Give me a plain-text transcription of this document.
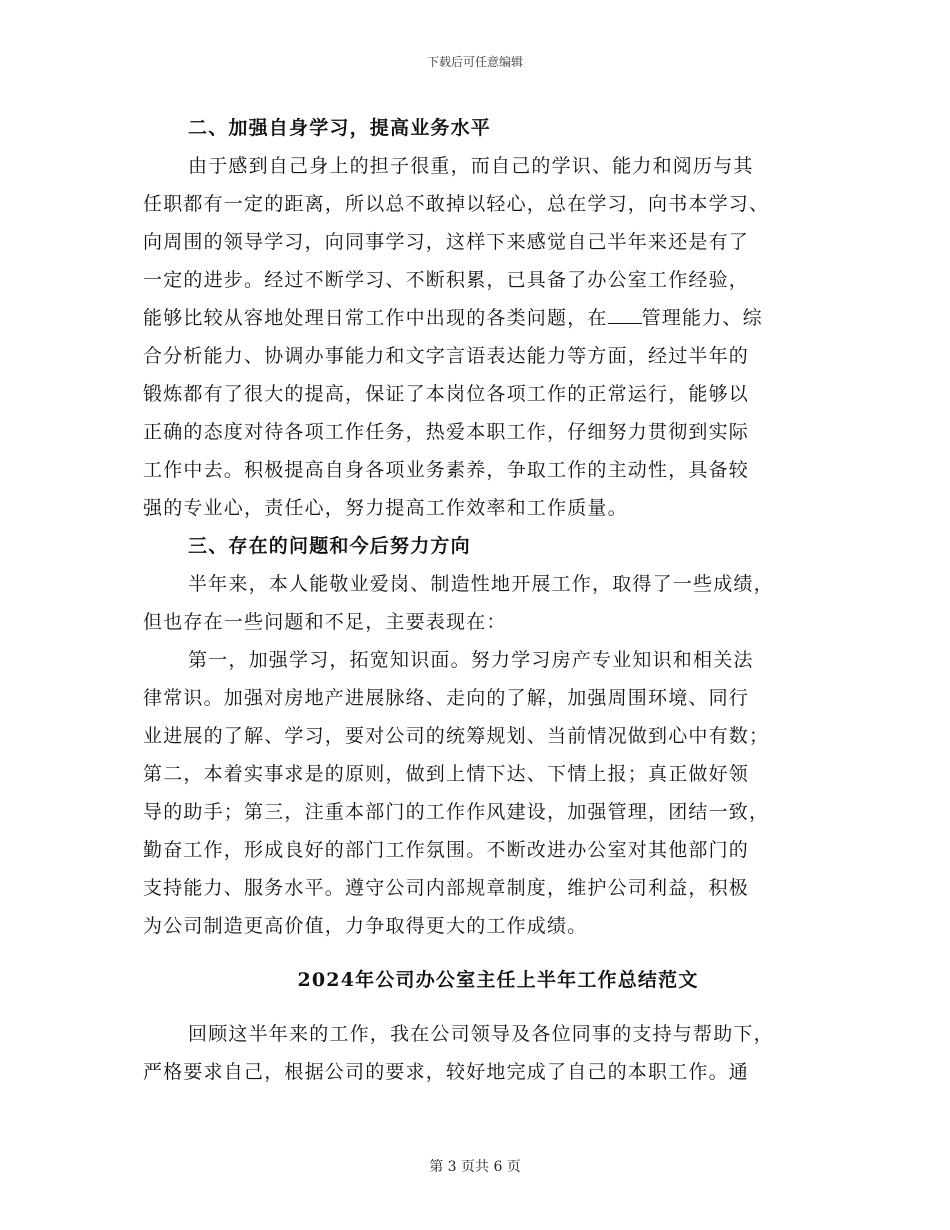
下载后可任意编辑
二、加强自身学习，提高业务水平
由于感到自己身上的担子很重，而自己的学识、能力和阅历与其
任职都有一定的距离，所以总不敢掉以轻心，总在学习，向书本学习、
向周围的领导学习，向同事学习，这样下来感觉自己半年来还是有了
一定的进步。经过不断学习、不断积累，已具备了办公室工作经验，
能够比较从容地处理日常工作中出现的各类问题，在 管理能力、综
合分析能力、协调办事能力和文字言语表达能力等方面，经过半年的
锻炼都有了很大的提高，保证了本岗位各项工作的正常运行，能够以
正确的态度对待各项工作任务，热爱本职工作，仔细努力贯彻到实际
工作中去。积极提高自身各项业务素养，争取工作的主动性，具备较
强的专业心，责任心，努力提高工作效率和工作质量。
三、存在的问题和今后努力方向
半年来，本人能敬业爱岗、制造性地开展工作，取得了一些成绩，
但也存在一些问题和不足，主要表现在：
第一，加强学习，拓宽知识面。努力学习房产专业知识和相关法
律常识。加强对房地产进展脉络、走向的了解，加强周围环境、同行
业进展的了解、学习，要对公司的统筹规划、当前情况做到心中有数；
第二，本着实事求是的原则，做到上情下达、下情上报；真正做好领
导的助手；第三，注重本部门的工作作风建设，加强管理，团结一致，
勤奋工作，形成良好的部门工作氛围。不断改进办公室对其他部门的
支持能力、服务水平。遵守公司内部规章制度，维护公司利益，积极
为公司制造更高价值，力争取得更大的工作成绩。
2024年公司办公室主任上半年工作总结范文
回顾这半年来的工作，我在公司领导及各位同事的支持与帮助下，
严格要求自己，根据公司的要求，较好地完成了自己的本职工作。通
第 3 页共 6 页
